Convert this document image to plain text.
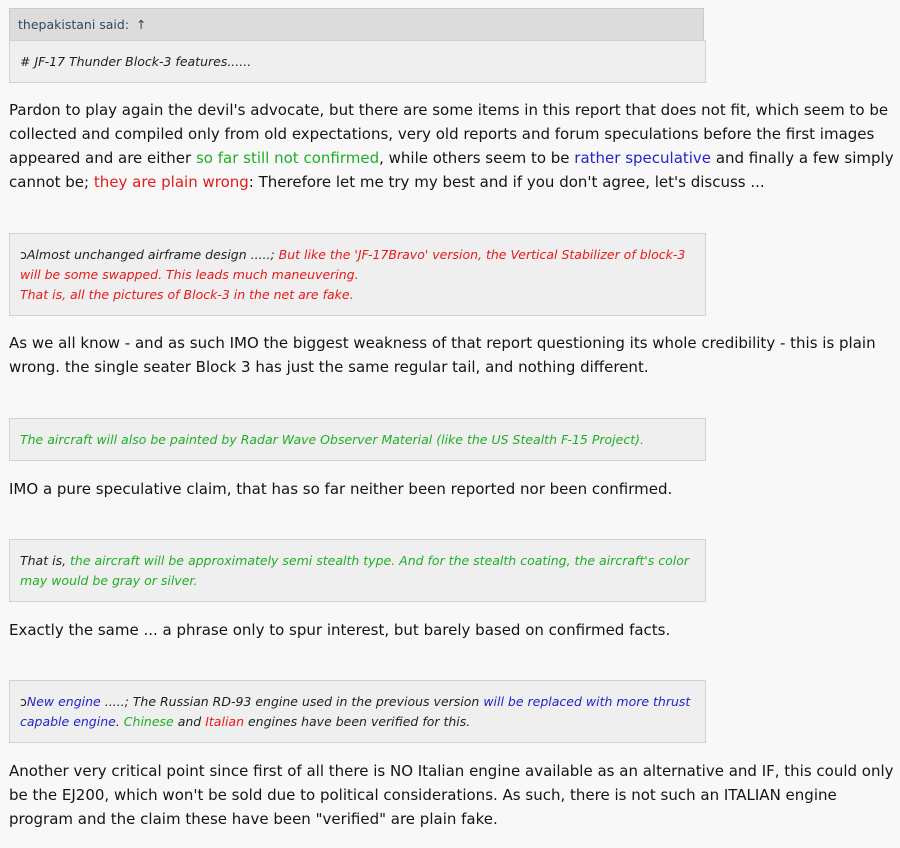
thepakistani said: ↑

# JF-17 Thunder Block-3 features......

Pardon to play again the devil's advocate, but there are some items in this report that does not fit, which seem to be collected and compiled only from old expectations, very old reports and forum speculations before the first images appeared and are either so far still not confirmed, while others seem to be rather speculative and finally a few simply cannot be; they are plain wrong: Therefore let me try my best and if you don't agree, let's discuss ...

ↄAlmost unchanged airframe design .....; But like the 'JF-17Bravo' version, the Vertical Stabilizer of block-3 will be some swapped. This leads much maneuvering.
That is, all the pictures of Block-3 in the net are fake.

As we all know - and as such IMO the biggest weakness of that report questioning its whole credibility - this is plain wrong. the single seater Block 3 has just the same regular tail, and nothing different.

The aircraft will also be painted by Radar Wave Observer Material (like the US Stealth F-15 Project).

IMO a pure speculative claim, that has so far neither been reported nor been confirmed.

That is, the aircraft will be approximately semi stealth type. And for the stealth coating, the aircraft's color may would be gray or silver.

Exactly the same ... a phrase only to spur interest, but barely based on confirmed facts.

ↄNew engine .....; The Russian RD-93 engine used in the previous version will be replaced with more thrust capable engine. Chinese and Italian engines have been verified for this.

Another very critical point since first of all there is NO Italian engine available as an alternative and IF, this could only be the EJ200, which won't be sold due to political considerations. As such, there is not such an ITALIAN engine program and the claim these have been "verified" are plain fake.
